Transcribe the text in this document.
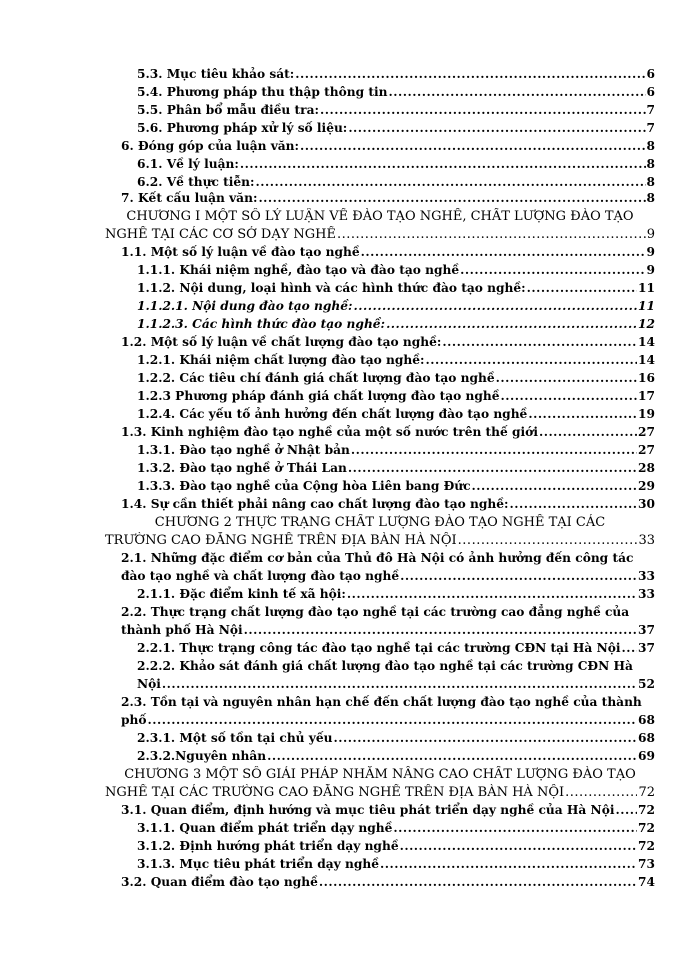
5.3. Mục tiêu khảo sát: .....	6
5.4. Phương pháp thu thập thông tin .....	6
5.5. Phân bổ mẫu điều tra: .....	7
5.6. Phương pháp xử lý số liệu: .....	7
6. Đóng góp của luận văn: .....	8
6.1. Về lý luận: .....	8
6.2. Về thực tiễn: .....	8
7. Kết cấu luận văn: .....	8
CHƯƠNG I MỘT SỐ LÝ LUẬN VỀ ĐÀO TẠO NGHỀ, CHẤT LƯỢNG ĐÀO TẠO
NGHỀ TẠI CÁC CƠ SỞ DẠY NGHỀ .....	9
1.1. Một số lý luận về đào tạo nghề .....	9
1.1.1. Khái niệm nghề, đào tạo và đào tạo nghề .....	9
1.1.2. Nội dung, loại hình và các hình thức đào tạo nghề: .....	11
1.1.2.1. Nội dung đào tạo nghề: .....	11
1.1.2.3. Các hình thức đào tạo nghề: .....	12
1.2. Một số lý luận về chất lượng đào tạo nghề: .....	14
1.2.1. Khái niệm chất lượng đào tạo nghề: .....	14
1.2.2. Các tiêu chí đánh giá chất lượng đào tạo nghề .....	16
1.2.3 Phương pháp đánh giá chất lượng đào tạo nghề .....	17
1.2.4. Các yếu tố ảnh hưởng đến chất lượng đào tạo nghề .....	19
1.3. Kinh nghiệm đào tạo nghề của một số nước trên thế giới .....	27
1.3.1. Đào tạo nghề ở Nhật bản .....	27
1.3.2. Đào tạo nghề ở Thái Lan .....	28
1.3.3. Đào tạo nghề của Cộng hòa Liên bang Đức .....	29
1.4. Sự cần thiết phải nâng cao chất lượng đào tạo nghề: .....	30
CHƯƠNG 2 THỰC TRẠNG CHẤT LƯỢNG ĐÀO TẠO NGHỀ TẠI CÁC
TRƯỜNG CAO ĐẲNG NGHỀ TRÊN ĐỊA BÀN HÀ NỘI .....	33
2.1. Những đặc điểm cơ bản của Thủ đô Hà Nội có ảnh hưởng đến công tác
đào tạo nghề và chất lượng đào tạo nghề .....	33
2.1.1. Đặc điểm kinh tế xã hội: .....	33
2.2. Thực trạng chất lượng đào tạo nghề tại các trường cao đẳng nghề của
thành phố Hà Nội .....	37
2.2.1. Thực trạng công tác đào tạo nghề tại các trường CĐN tại Hà Nội ..... 37
2.2.2. Khảo sát đánh giá chất lượng đào tạo nghề tại các trường CĐN Hà
Nội .....	52
2.3. Tồn tại và nguyên nhân hạn chế đến chất lượng đào tạo nghề của thành
phố .....	68
2.3.1. Một số tồn tại chủ yếu .....	68
2.3.2.Nguyên nhân .....	69
CHƯƠNG 3 MỘT SỐ GIẢI PHÁP NHẰM NÂNG CAO CHẤT LƯỢNG ĐÀO TẠO
NGHỀ TẠI CÁC TRƯỜNG CAO ĐẲNG NGHỀ TRÊN ĐỊA BÀN HÀ NỘI .....	72
3.1. Quan điểm, định hướng và mục tiêu phát triển dạy nghề của Hà Nội ..... 72
3.1.1. Quan điểm phát triển dạy nghề .....	72
3.1.2. Định hướng phát triển dạy nghề .....	72
3.1.3. Mục tiêu phát triển dạy nghề .....	73
3.2. Quan điểm đào tạo nghề .....	74
